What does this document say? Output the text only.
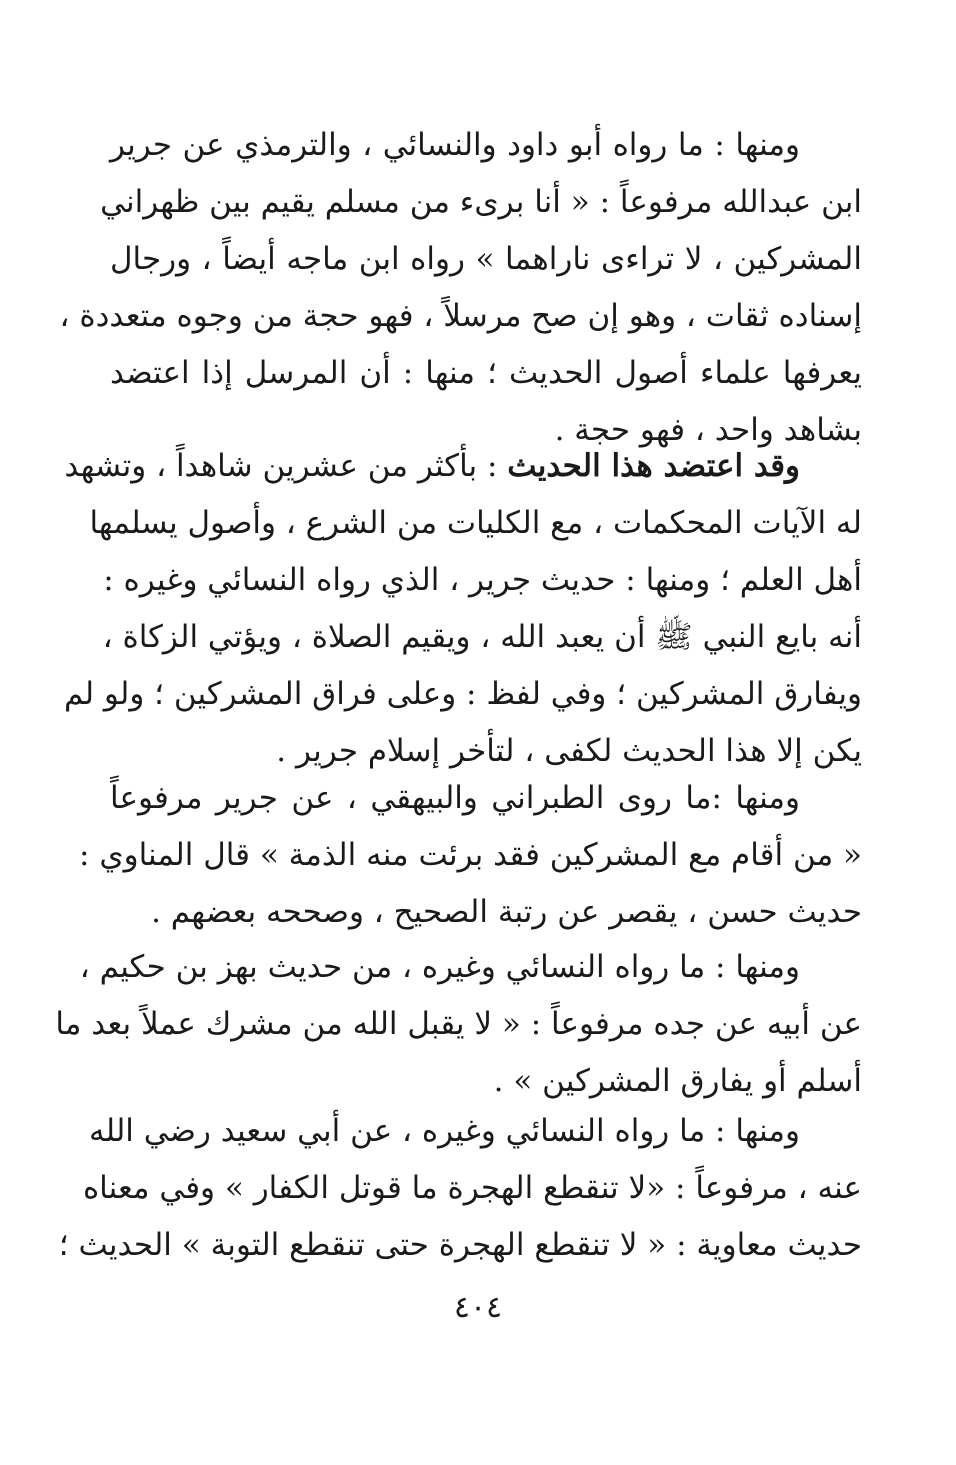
ومنها : ما رواه أبو داود والنسائي ، والترمذي عن جرير
ابن عبدالله مرفوعاً : « أنا برىء من مسلم يقيم بين ظهراني
المشركين ، لا تراءى ناراهما » رواه ابن ماجه أيضاً ، ورجال
إسناده ثقات ، وهو إن صح مرسلاً ، فهو حجة من وجوه متعددة ،
يعرفها علماء أصول الحديث ؛ منها : أن المرسل إذا اعتضد
بشاهد واحد ، فهو حجة .
وقد اعتضد هذا الحديث : بأكثر من عشرين شاهداً ، وتشهد
له الآيات المحكمات ، مع الكليات من الشرع ، وأصول يسلمها
أهل العلم ؛ ومنها : حديث جرير ، الذي رواه النسائي وغيره :
أنه بايع النبي ﷺ أن يعبد الله ، ويقيم الصلاة ، ويؤتي الزكاة ،
ويفارق المشركين ؛ وفي لفظ : وعلى فراق المشركين ؛ ولو لم
يكن إلا هذا الحديث لكفى ، لتأخر إسلام جرير .
ومنها :ما روى الطبراني والبيهقي ، عن جرير مرفوعاً
« من أقام مع المشركين فقد برئت منه الذمة » قال المناوي :
حديث حسن ، يقصر عن رتبة الصحيح ، وصححه بعضهم .
ومنها : ما رواه النسائي وغيره ، من حديث بهز بن حكيم ،
عن أبيه عن جده مرفوعاً : « لا يقبل الله من مشرك عملاً بعد ما
أسلم أو يفارق المشركين » .
ومنها : ما رواه النسائي وغيره ، عن أبي سعيد رضي الله
عنه ، مرفوعاً : «لا تنقطع الهجرة ما قوتل الكفار » وفي معناه
حديث معاوية : « لا تنقطع الهجرة حتى تنقطع التوبة » الحديث ؛
٤٠٤
